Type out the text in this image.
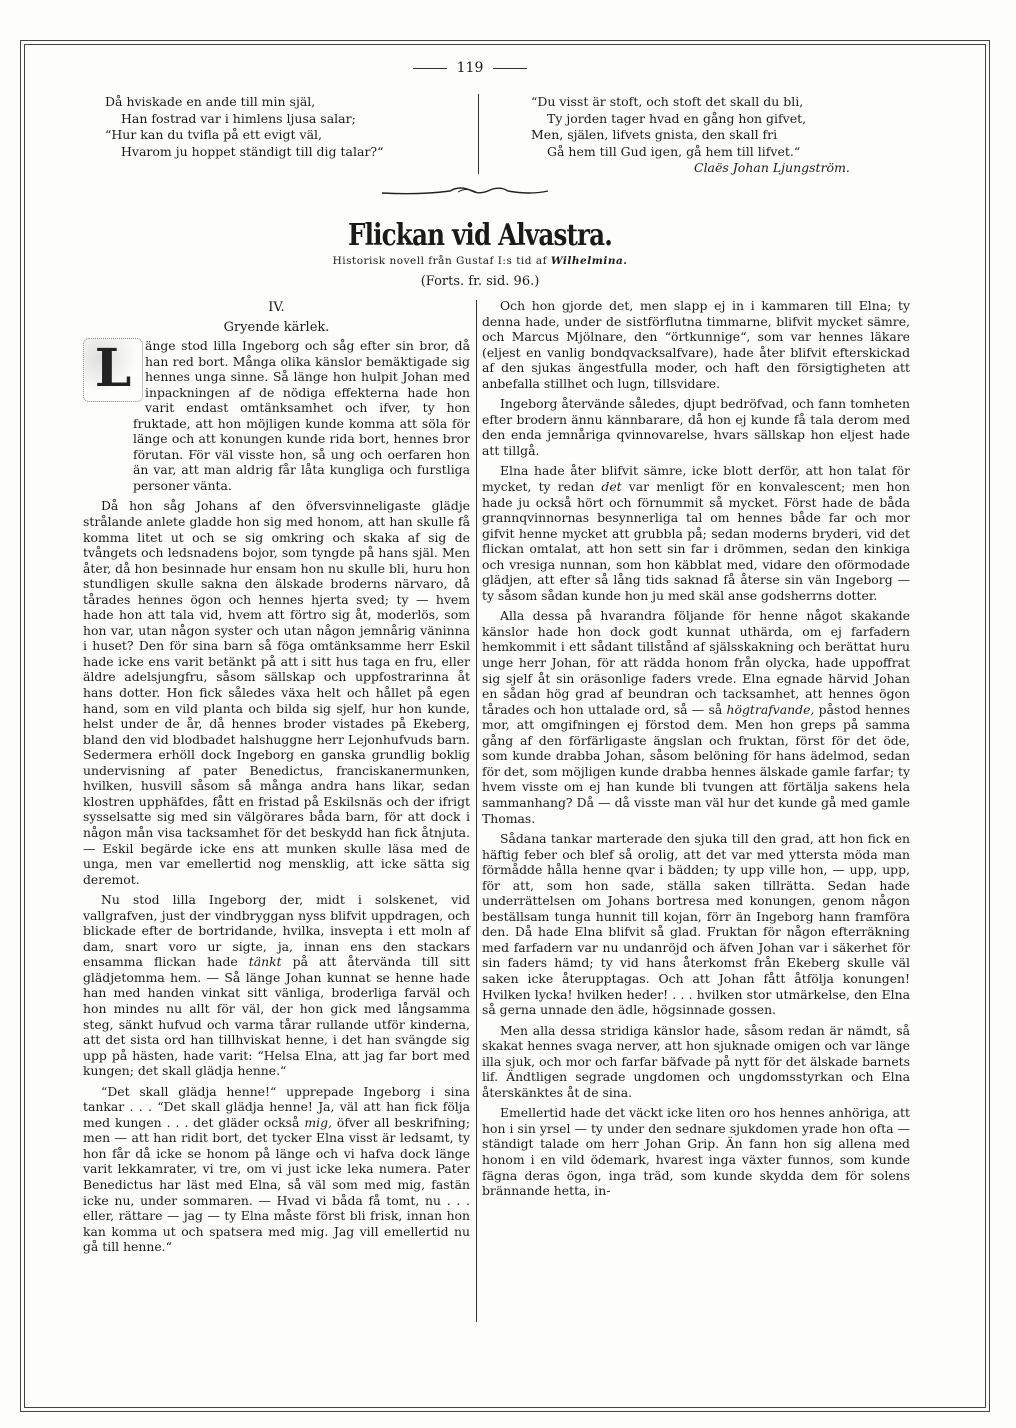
119
Då hviskade en ande till min själ,
Han fostrad var i himlens ljusa salar;
“Hur kan du tvifla på ett evigt väl,
Hvarom ju hoppet ständigt till dig talar?“
“Du visst är stoft, och stoft det skall du bli,
Ty jorden tager hvad en gång hon gifvet,
Men, själen, lifvets gnista, den skall fri
Gå hem till Gud igen, gå hem till lifvet.“
Claës Johan Ljungström.
Flickan vid Alvastra.
Historisk novell från Gustaf I:s tid af Wilhelmina.
(Forts. fr. sid. 96.)
IV.
Gryende kärlek.

L	änge stod lilla Ingeborg och såg efter sin bror, då han red bort. Många olika känslor bemäktigade sig hennes unga sinne. Så länge hon hulpit Johan med inpackningen af de nödiga effekterna hade hon varit endast omtänksamhet och ifver, ty hon fruktade, att hon möjligen kunde komma att söla för länge och att konungen kunde rida bort, hennes bror förutan. För väl visste hon, så ung och oerfaren hon än var, att man aldrig får låta kungliga och furstliga personer vänta.

Då hon såg Johans af den öfversvinneligaste glädje strålande anlete gladde hon sig med honom, att han skulle få komma litet ut och se sig omkring och skaka af sig de tvångets och ledsnadens bojor, som tyngde på hans själ. Men åter, då hon besinnade hur ensam hon nu skulle bli, huru hon stundligen skulle sakna den älskade broderns närvaro, då tårades hennes ögon och hennes hjerta sved; ty — hvem hade hon att tala vid, hvem att förtro sig åt, moderlös, som hon var, utan någon syster och utan någon jemnårig väninna i huset? Den för sina barn så föga omtänksamme herr Eskil hade icke ens varit betänkt på att i sitt hus taga en fru, eller äldre adelsjungfru, såsom sällskap och uppfostrarinna åt hans dotter. Hon fick således växa helt och hållet på egen hand, som en vild planta och bilda sig sjelf, hur hon kunde, helst under de år, då hennes broder vistades på Ekeberg, bland den vid blodbadet halshuggne herr Lejonhufvuds barn. Sedermera erhöll dock Ingeborg en ganska grundlig boklig undervisning af pater Benedictus, franciskanermunken, hvilken, husvill såsom så många andra hans likar, sedan klostren upphäfdes, fått en fristad på Eskilsnäs och der ifrigt sysselsatte sig med sin välgörares båda barn, för att dock i någon mån visa tacksamhet för det beskydd han fick åtnjuta. — Eskil begärde icke ens att munken skulle läsa med de unga, men var emellertid nog mensklig, att icke sätta sig deremot.

Nu stod lilla Ingeborg der, midt i solskenet, vid vallgrafven, just der vindbryggan nyss blifvit uppdragen, och blickade efter de bortridande, hvilka, insvepta i ett moln af dam, snart voro ur sigte, ja, innan ens den stackars ensamma flickan hade tänkt på att återvända till sitt glädjetomma hem. — Så länge Johan kunnat se henne hade han med handen vinkat sitt vänliga, broderliga farväl och hon mindes nu allt för väl, der hon gick med långsamma steg, sänkt hufvud och varma tårar rullande utför kinderna, att det sista ord han tillhviskat henne, i det han svängde sig upp på hästen, hade varit: “Helsa Elna, att jag far bort med kungen; det skall glädja henne.“

“Det skall glädja henne!“ upprepade Ingeborg i sina tankar . . . “Det skall glädja henne! Ja, väl att han fick följa med kungen . . . det gläder också mig, öfver all beskrifning; men — att han ridit bort, det tycker Elna visst är ledsamt, ty hon får då icke se honom på länge och vi hafva dock länge varit lekkamrater, vi tre, om vi just icke leka numera. Pater Benedictus har läst med Elna, så väl som med mig, fastän icke nu, under sommaren. — Hvad vi båda få tomt, nu . . . eller, rättare — jag — ty Elna måste först bli frisk, innan hon kan komma ut och spatsera med mig. Jag vill emellertid nu gå till henne.“

Och hon gjorde det, men slapp ej in i kammaren till Elna; ty denna hade, under de sistförflutna timmarne, blifvit mycket sämre, och Marcus Mjölnare, den “örtkunnige“, som var hennes läkare (eljest en vanlig bondqvacksalfvare), hade åter blifvit efterskickad af den sjukas ängestfulla moder, och haft den försigtigheten att anbefalla stillhet och lugn, tillsvidare.

Ingeborg återvände således, djupt bedröfvad, och fann tomheten efter brodern ännu kännbarare, då hon ej kunde få tala derom med den enda jemnåriga qvinnovarelse, hvars sällskap hon eljest hade att tillgå.

Elna hade åter blifvit sämre, icke blott derför, att hon talat för mycket, ty redan det var menligt för en konvalescent; men hon hade ju också hört och förnummit så mycket. Först hade de båda grannqvinnornas besynnerliga tal om hennes både far och mor gifvit henne mycket att grubbla på; sedan moderns bryderi, vid det flickan omtalat, att hon sett sin far i drömmen, sedan den kinkiga och vresiga nunnan, som hon käbblat med, vidare den oförmodade glädjen, att efter så lång tids saknad få återse sin vän Ingeborg — ty såsom sådan kunde hon ju med skäl anse godsherrns dotter.

Alla dessa på hvarandra följande för henne något skakande känslor hade hon dock godt kunnat uthärda, om ej farfadern hemkommit i ett sådant tillstånd af själsskakning och berättat huru unge herr Johan, för att rädda honom från olycka, hade uppoffrat sig sjelf åt sin oräsonlige faders vrede. Elna egnade härvid Johan en sådan hög grad af beundran och tacksamhet, att hennes ögon tårades och hon uttalade ord, så — så högtrafvande, påstod hennes mor, att omgifningen ej förstod dem. Men hon greps på samma gång af den förfärligaste ängslan och fruktan, först för det öde, som kunde drabba Johan, såsom belöning för hans ädelmod, sedan för det, som möjligen kunde drabba hennes älskade gamle farfar; ty hvem visste om ej han kunde bli tvungen att förtälja sakens hela sammanhang? Då — då visste man väl hur det kunde gå med gamle Thomas.

Sådana tankar marterade den sjuka till den grad, att hon fick en häftig feber och blef så orolig, att det var med yttersta möda man förmådde hålla henne qvar i bädden; ty upp ville hon, — upp, upp, för att, som hon sade, ställa saken tillrätta. Sedan hade underrättelsen om Johans bortresa med konungen, genom någon beställsam tunga hunnit till kojan, förr än Ingeborg hann framföra den. Då hade Elna blifvit så glad. Fruktan för någon efterräkning med farfadern var nu undanröjd och äfven Johan var i säkerhet för sin faders hämd; ty vid hans återkomst från Ekeberg skulle väl saken icke återupptagas. Och att Johan fått åtfölja konungen! Hvilken lycka! hvilken heder! . . . hvilken stor utmärkelse, den Elna så gerna unnade den ädle, högsinnade gossen.

Men alla dessa stridiga känslor hade, såsom redan är nämdt, så skakat hennes svaga nerver, att hon sjuknade omigen och var länge illa sjuk, och mor och farfar bäfvade på nytt för det älskade barnets lif. Ändtligen segrade ungdomen och ungdomsstyrkan och Elna återskänktes åt de sina.

Emellertid hade det väckt icke liten oro hos hennes anhöriga, att hon i sin yrsel — ty under den sednare sjukdomen yrade hon ofta — ständigt talade om herr Johan Grip. Än fann hon sig allena med honom i en vild ödemark, hvarest inga växter funnos, som kunde fägna deras ögon, inga träd, som kunde skydda dem för solens brännande hetta, in-
